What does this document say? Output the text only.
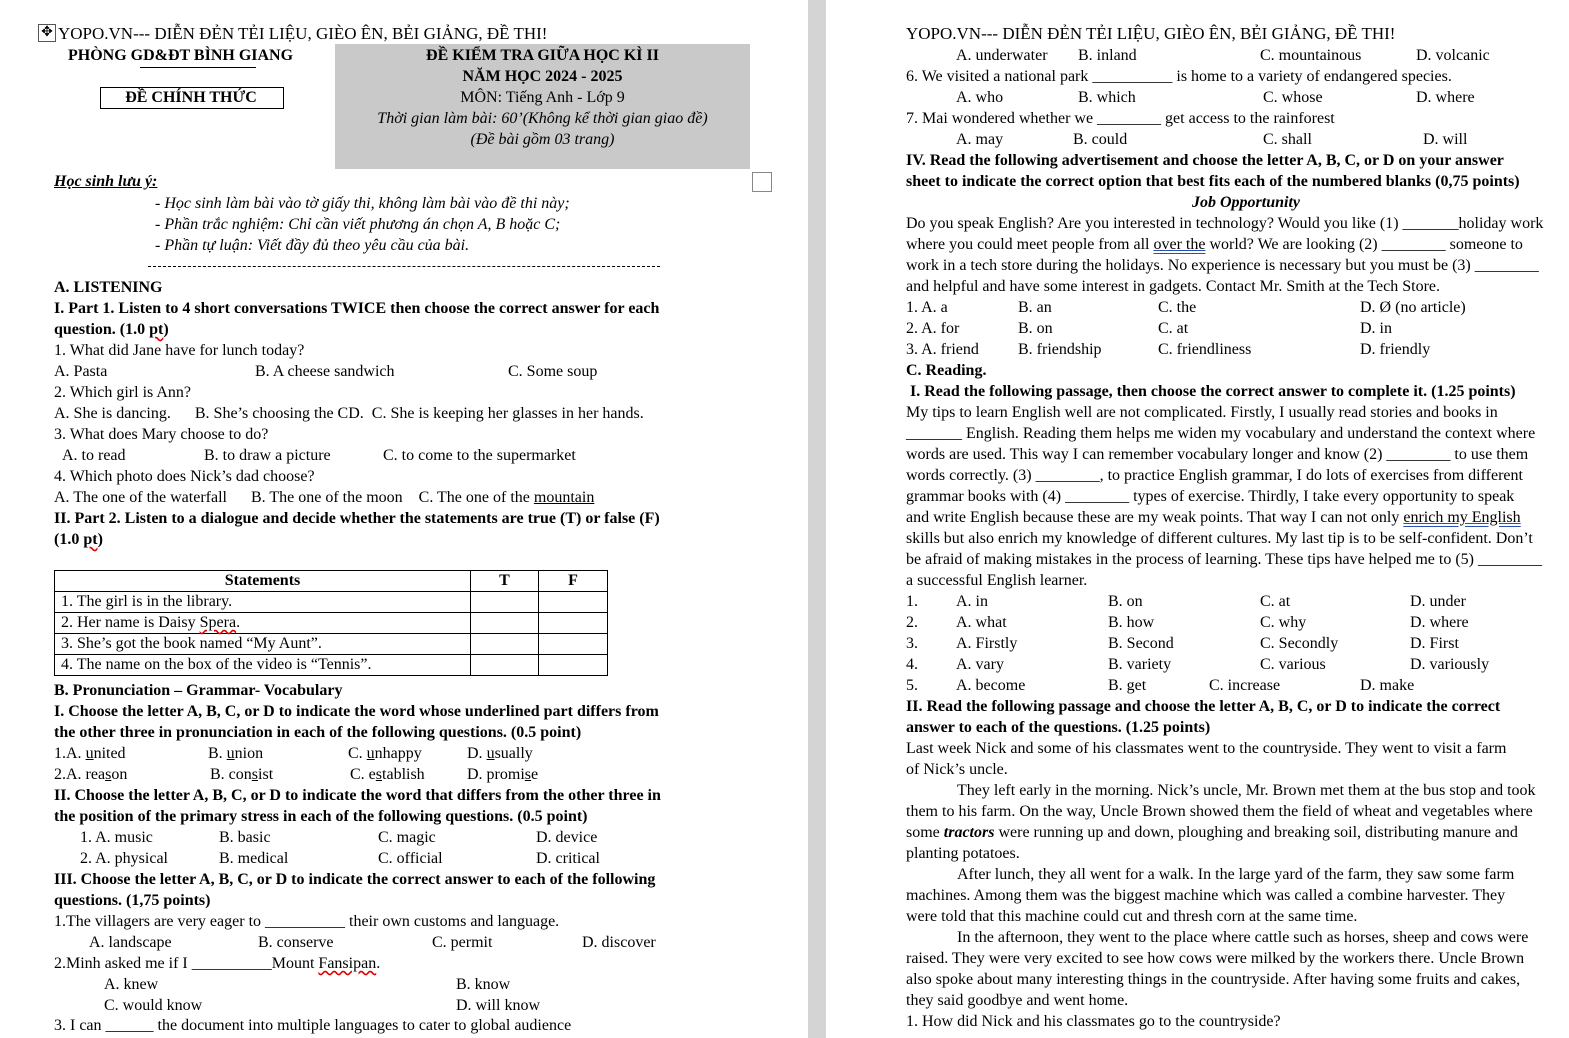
✥ YOPO.VN--- DIỄN ĐẺN TẺI LIỆU, GIÈO ÊN, BẺI GIẢNG, ĐỀ THI!
PHÒNG GD&ĐT BÌNH GIANG
ĐỀ CHÍNH THỨC
ĐỀ KIỂM TRA GIỮA HỌC KÌ II
NĂM HỌC 2024 - 2025
MÔN: Tiếng Anh - Lớp 9
Thời gian làm bài: 60’(Không kể thời gian giao đề)
(Đề bài gồm 03 trang)
Học sinh lưu ý:
- Học sinh làm bài vào tờ giấy thi, không làm bài vào đề thi này;
- Phần trắc nghiệm: Chỉ cần viết phương án chọn A, B hoặc C;
- Phần tự luận: Viết đầy đủ theo yêu cầu của bài.
A. LISTENING
I. Part 1. Listen to 4 short conversations TWICE then choose the correct answer for each
question. (1.0 pt)
1. What did Jane have for lunch today?
A. Pasta	B. A cheese sandwich	C. Some soup
2. Which girl is Ann?
A. She is dancing.      B. She’s choosing the CD.  C. She is keeping her glasses in her hands.
3. What does Mary choose to do?
A. to read	B. to draw a picture	C. to come to the supermarket
4. Which photo does Nick’s dad choose?
A. The one of the waterfall      B. The one of the moon    C. The one of the mountain
II. Part 2. Listen to a dialogue and decide whether the statements are true (T) or false (F)
(1.0 pt)
Statements	T	F
1. The girl is in the library.		
2. Her name is Daisy Spera.		
3. She’s got the book named “My Aunt”.		
4. The name on the box of the video is “Tennis”.		
B. Pronunciation – Grammar- Vocabulary
I. Choose the letter A, B, C, or D to indicate the word whose underlined part differs from
the other three in pronunciation in each of the following questions. (0.5 point)
1.A. united	B. union	C. unhappy	D. usually
2.A. reason	B. consist	C. establish	D. promise
II. Choose the letter A, B, C, or D to indicate the word that differs from the other three in
the position of the primary stress in each of the following questions. (0.5 point)
1. A. music	B. basic	C. magic	D. device
2. A. physical	B. medical	C. official	D. critical
III. Choose the letter A, B, C, or D to indicate the correct answer to each of the following
questions. (1,75 points)
1.The villagers are very eager to __________ their own customs and language.
A. landscape	B. conserve	C. permit	D. discover
2.Minh asked me if I __________Mount Fansipan.
A. knew	B. know
C. would know	D. will know
3. I can ______ the document into multiple languages to cater to global audience
YOPO.VN--- DIỄN ĐẺN TẺI LIỆU, GIÈO ÊN, BẺI GIẢNG, ĐỀ THI!
A. underwater B. inland	C. mountainous	D. volcanic
6. We visited a national park __________ is home to a variety of endangered species.
A. who	B. which	C. whose	D. where
7. Mai wondered whether we ________ get access to the rainforest
A. may	B. could	C. shall	D. will
IV. Read the following advertisement and choose the letter A, B, C, or D on your answer
sheet to indicate the correct option that best fits each of the numbered blanks (0,75 points)
Job Opportunity
Do you speak English? Are you interested in technology? Would you like (1) _______holiday work
where you could meet people from all over the world? We are looking (2) ________ someone to
work in a tech store during the holidays. No experience is necessary but you must be (3) ________
and helpful and have some interest in gadgets. Contact Mr. Smith at the Tech Store.
1. A. a	B. an	C. the	D. Ø (no article)
2. A. for	B. on	C. at	D. in
3. A. friend B. friendship	C. friendliness	D. friendly
C. Reading.
I. Read the following passage, then choose the correct answer to complete it. (1.25 points)
My tips to learn English well are not complicated. Firstly, I usually read stories and books in
_______ English. Reading them helps me widen my vocabulary and understand the context where
words are used. This way I can remember vocabulary longer and know (2) ________ to use them
words correctly. (3) ________, to practice English grammar, I do lots of exercises from different
grammar books with (4) ________ types of exercise. Thirdly, I take every opportunity to speak
and write English because these are my weak points. That way I can not only enrich my English
skills but also enrich my knowledge of different cultures. My last tip is to be self-confident. Don’t
be afraid of making mistakes in the process of learning. These tips have helped me to (5) ________
a successful English learner.
1. A. in	B. on	C. at	D. under
2. A. what	B. how	C. why	D. where
3. A. Firstly	B. Second	C. Secondly	D. First
4. A. vary	B. variety	C. various	D. variously
5. A. become	B. get	C. increase	D. make
II. Read the following passage and choose the letter A, B, C, or D to indicate the correct
answer to each of the questions. (1.25 points)
Last week Nick and some of his classmates went to the countryside. They went to visit a farm
of Nick’s uncle.
They left early in the morning. Nick’s uncle, Mr. Brown met them at the bus stop and took
them to his farm. On the way, Uncle Brown showed them the field of wheat and vegetables where
some tractors were running up and down, ploughing and breaking soil, distributing manure and
planting potatoes.
After lunch, they all went for a walk. In the large yard of the farm, they saw some farm
machines. Among them was the biggest machine which was called a combine harvester. They
were told that this machine could cut and thresh corn at the same time.
In the afternoon, they went to the place where cattle such as horses, sheep and cows were
raised. They were very excited to see how cows were milked by the workers there. Uncle Brown
also spoke about many interesting things in the countryside. After having some fruits and cakes,
they said goodbye and went home.
1. How did Nick and his classmates go to the countryside?
